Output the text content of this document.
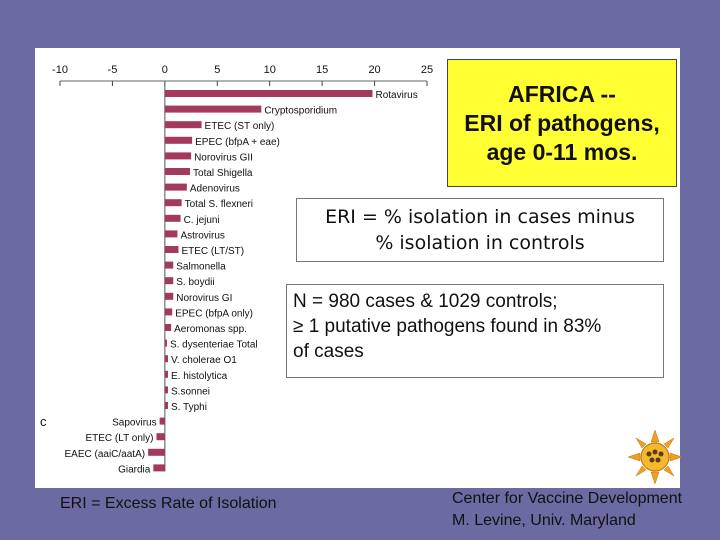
-10	-5	0	5	10	15	20	25
Rotavirus
Cryptosporidium
ETEC (ST only)
EPEC (bfpA + eae)
Norovirus GII
Total Shigella
Adenovirus
Total S. flexneri
C. jejuni
Astrovirus
ETEC (LT/ST)
Salmonella
S. boydii
Norovirus GI
EPEC (bfpA only)
Aeromonas spp.
S. dysenteriae Total
V. cholerae O1
E. histolytica
S.sonnei
S. Typhi
Sapovirus
ETEC (LT only)
EAEC (aaiC/aatA)
Giardia
AFRICA --
ERI of pathogens,
age 0-11 mos.
ERI = % isolation in cases minus
% isolation in controls
N = 980 cases & 1029 controls;
≥ 1 putative pathogens found in 83%
of cases
c
ERI = Excess Rate of Isolation	Center for Vaccine Development
M. Levine, Univ. Maryland
